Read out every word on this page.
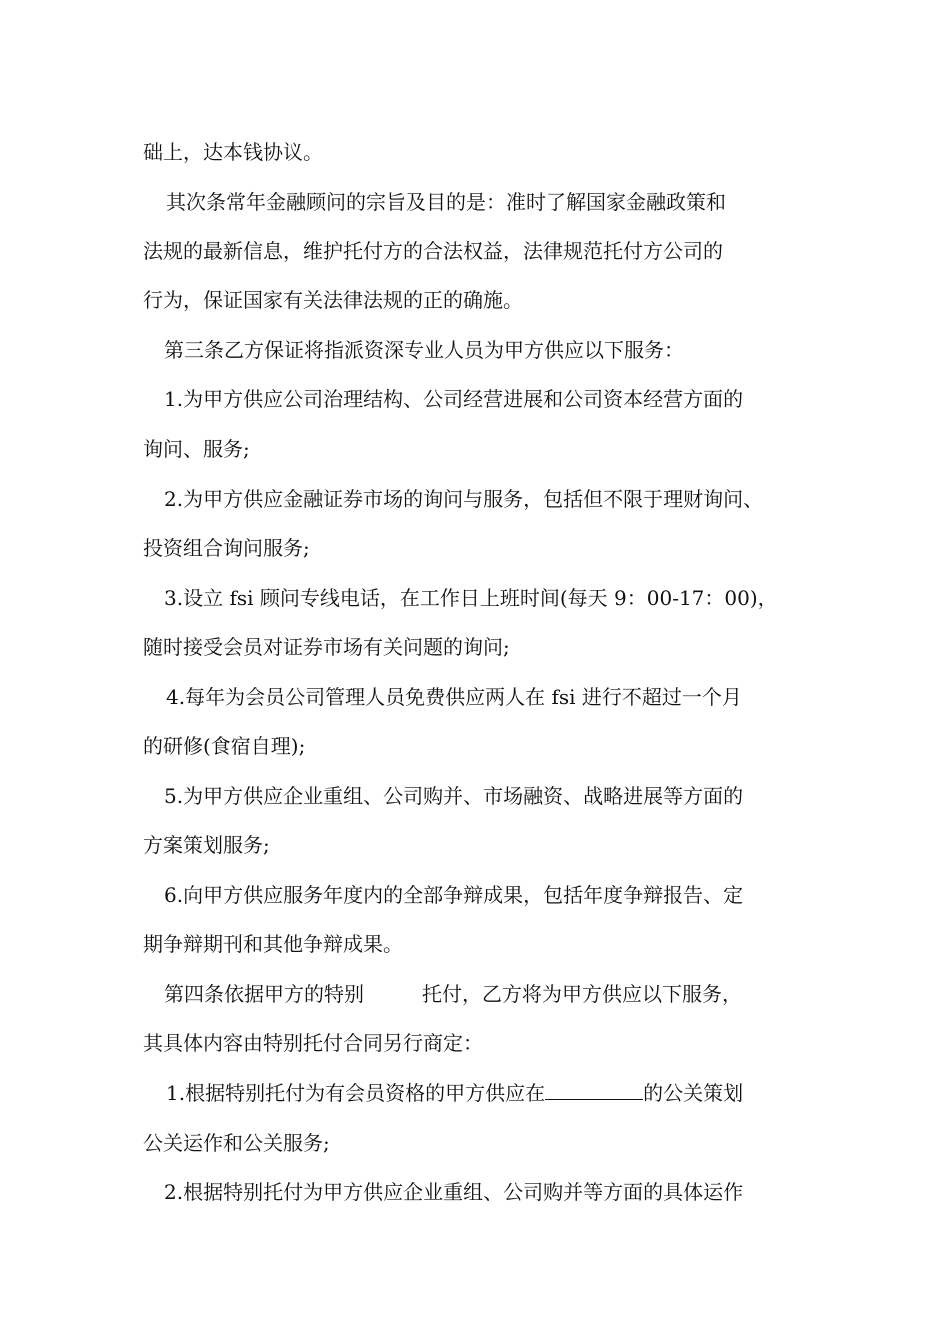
础上，达本钱协议。
其次条常年金融顾问的宗旨及目的是：准时了解国家金融政策和
法规的最新信息，维护托付方的合法权益，法律规范托付方公司的
行为，保证国家有关法律法规的正的确施。
第三条乙方保证将指派资深专业人员为甲方供应以下服务：
1.为甲方供应公司治理结构、公司经营进展和公司资本经营方面的
询问、服务;
2.为甲方供应金融证券市场的询问与服务，包括但不限于理财询问、
投资组合询问服务;
3.设立 fsi 顾问专线电话，在工作日上班时间(每天 9：00-17：00)，
随时接受会员对证券市场有关问题的询问;
4.每年为会员公司管理人员免费供应两人在 fsi 进行不超过一个月
的研修(食宿自理);
5.为甲方供应企业重组、公司购并、市场融资、战略进展等方面的
方案策划服务;
6.向甲方供应服务年度内的全部争辩成果，包括年度争辩报告、定
期争辩期刊和其他争辩成果。
第四条依据甲方的特别	托付，乙方将为甲方供应以下服务，
其具体内容由特别托付合同另行商定：
1.根据特别托付为有会员资格的甲方供应在	的公关策划
公关运作和公关服务;
2.根据特别托付为甲方供应企业重组、公司购并等方面的具体运作
